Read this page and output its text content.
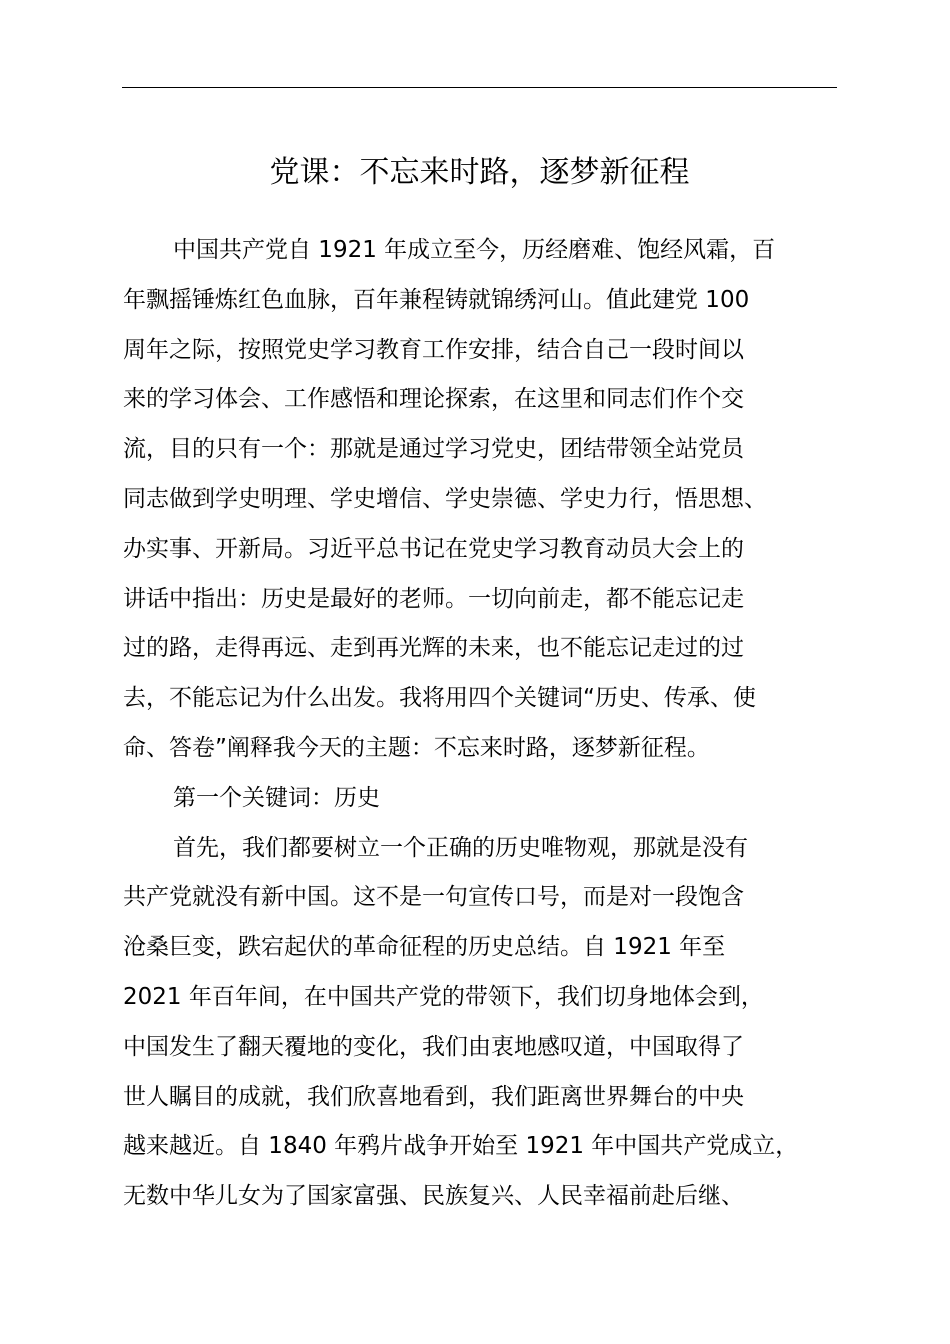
党课：不忘来时路，逐梦新征程
中国共产党自 1921 年成立至今，历经磨难、饱经风霜，百
年飘摇锤炼红色血脉，百年兼程铸就锦绣河山。值此建党 100
周年之际，按照党史学习教育工作安排，结合自己一段时间以
来的学习体会、工作感悟和理论探索，在这里和同志们作个交
流，目的只有一个：那就是通过学习党史，团结带领全站党员
同志做到学史明理、学史增信、学史崇德、学史力行，悟思想、
办实事、开新局。习近平总书记在党史学习教育动员大会上的
讲话中指出：历史是最好的老师。一切向前走，都不能忘记走
过的路，走得再远、走到再光辉的未来，也不能忘记走过的过
去，不能忘记为什么出发。我将用四个关键词“历史、传承、使
命、答卷”阐释我今天的主题：不忘来时路，逐梦新征程。
第一个关键词：历史
首先，我们都要树立一个正确的历史唯物观，那就是没有
共产党就没有新中国。这不是一句宣传口号，而是对一段饱含
沧桑巨变，跌宕起伏的革命征程的历史总结。自 1921 年至
2021 年百年间，在中国共产党的带领下，我们切身地体会到，
中国发生了翻天覆地的变化，我们由衷地感叹道，中国取得了
世人瞩目的成就，我们欣喜地看到，我们距离世界舞台的中央
越来越近。自 1840 年鸦片战争开始至 1921 年中国共产党成立，
无数中华儿女为了国家富强、民族复兴、人民幸福前赴后继、
